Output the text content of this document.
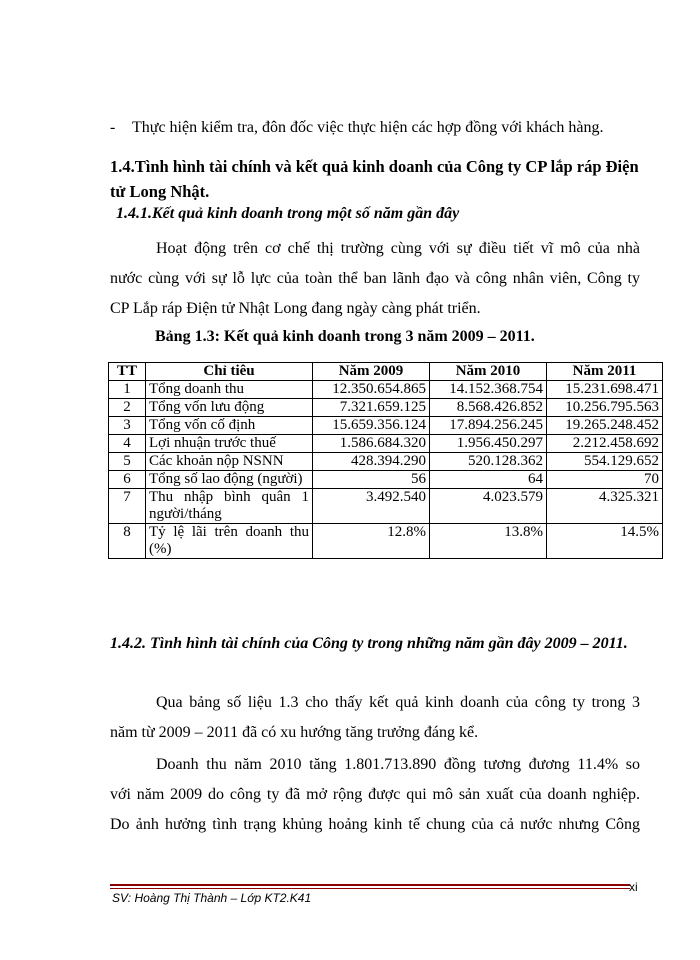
- Thực hiện kiểm tra, đôn đốc việc thực hiện các hợp đồng với khách hàng.

1.4.Tình hình tài chính và kết quả kinh doanh của Công ty CP lắp ráp Điện tử Long Nhật.
1.4.1.Kết quả kinh doanh trong một số năm gần đây

Hoạt động trên cơ chế thị trường cùng với sự điều tiết vĩ mô của nhà

nước cùng với sự lỗ lực của toàn thể ban lãnh đạo và công nhân viên, Công ty

CP Lắp ráp Điện tử Nhật Long đang ngày càng phát triển.

Bảng 1.3: Kết quả kinh doanh trong 3 năm 2009 – 2011.
TT	Chỉ tiêu	Năm 2009	Năm 2010	Năm 2011
1	Tổng doanh thu	12.350.654.865	14.152.368.754	15.231.698.471
2	Tổng vốn lưu động	7.321.659.125	8.568.426.852	10.256.795.563
3	Tổng vốn cố định	15.659.356.124	17.894.256.245	19.265.248.452
4	Lợi nhuận trước thuế	1.586.684.320	1.956.450.297	2.212.458.692
5	Các khoản nộp NSNN	428.394.290	520.128.362	554.129.652
6	Tổng số lao động (người)	56	64	70
7	Thu nhập bình quân 1 người/tháng	3.492.540	4.023.579	4.325.321
8	Tỷ lệ lãi trên doanh thu (%)	12.8%	13.8%	14.5%
1.4.2. Tình hình tài chính của Công ty trong những năm gần đây 2009 – 2011.

Qua bảng số liệu 1.3 cho thấy kết quả kinh doanh của công ty trong 3

năm từ 2009 – 2011 đã có xu hướng tăng trưởng đáng kể.

Doanh thu năm 2010 tăng 1.801.713.890 đồng tương đương 11.4% so

với năm 2009 do công ty đã mở rộng được qui mô sản xuất của doanh nghiệp.

Do ảnh hưởng tình trạng khủng hoảng kinh tế chung của cả nước nhưng Công

xi
SV: Hoàng Thị Thành – Lớp KT2.K41
